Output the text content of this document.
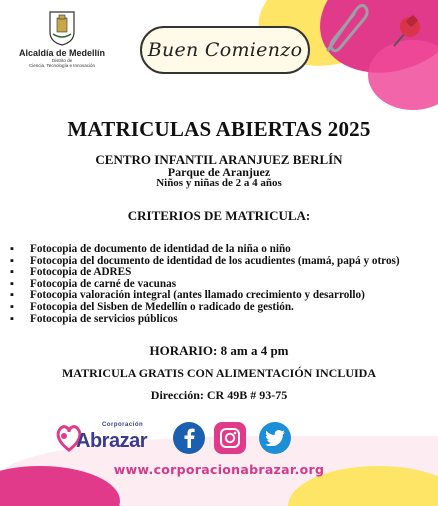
Alcaldía de Medellín
Distrito de
Ciencia, Tecnología e Innovación
Buen Comienzo
MATRICULAS ABIERTAS 2025
CENTRO INFANTIL ARANJUEZ BERLÍN
Parque de Aranjuez
Niños y niñas de 2 a 4 años
CRITERIOS DE MATRICULA:
▪ Fotocopia de documento de identidad de la niña o niño
▪ Fotocopia del documento de identidad de los acudientes (mamá, papá y otros)
▪ Fotocopia de ADRES
▪ Fotocopia de carné de vacunas
▪ Fotocopia valoración integral (antes llamado crecimiento y desarrollo)
▪ Fotocopia del Sisben de Medellín o radicado de gestión.
▪ Fotocopia de servicios públicos
HORARIO: 8 am a 4 pm
MATRICULA GRATIS CON ALIMENTACIÓN INCLUIDA
Dirección: CR 49B # 93-75
Corporación
Abrazar
www.corporacionabrazar.org
